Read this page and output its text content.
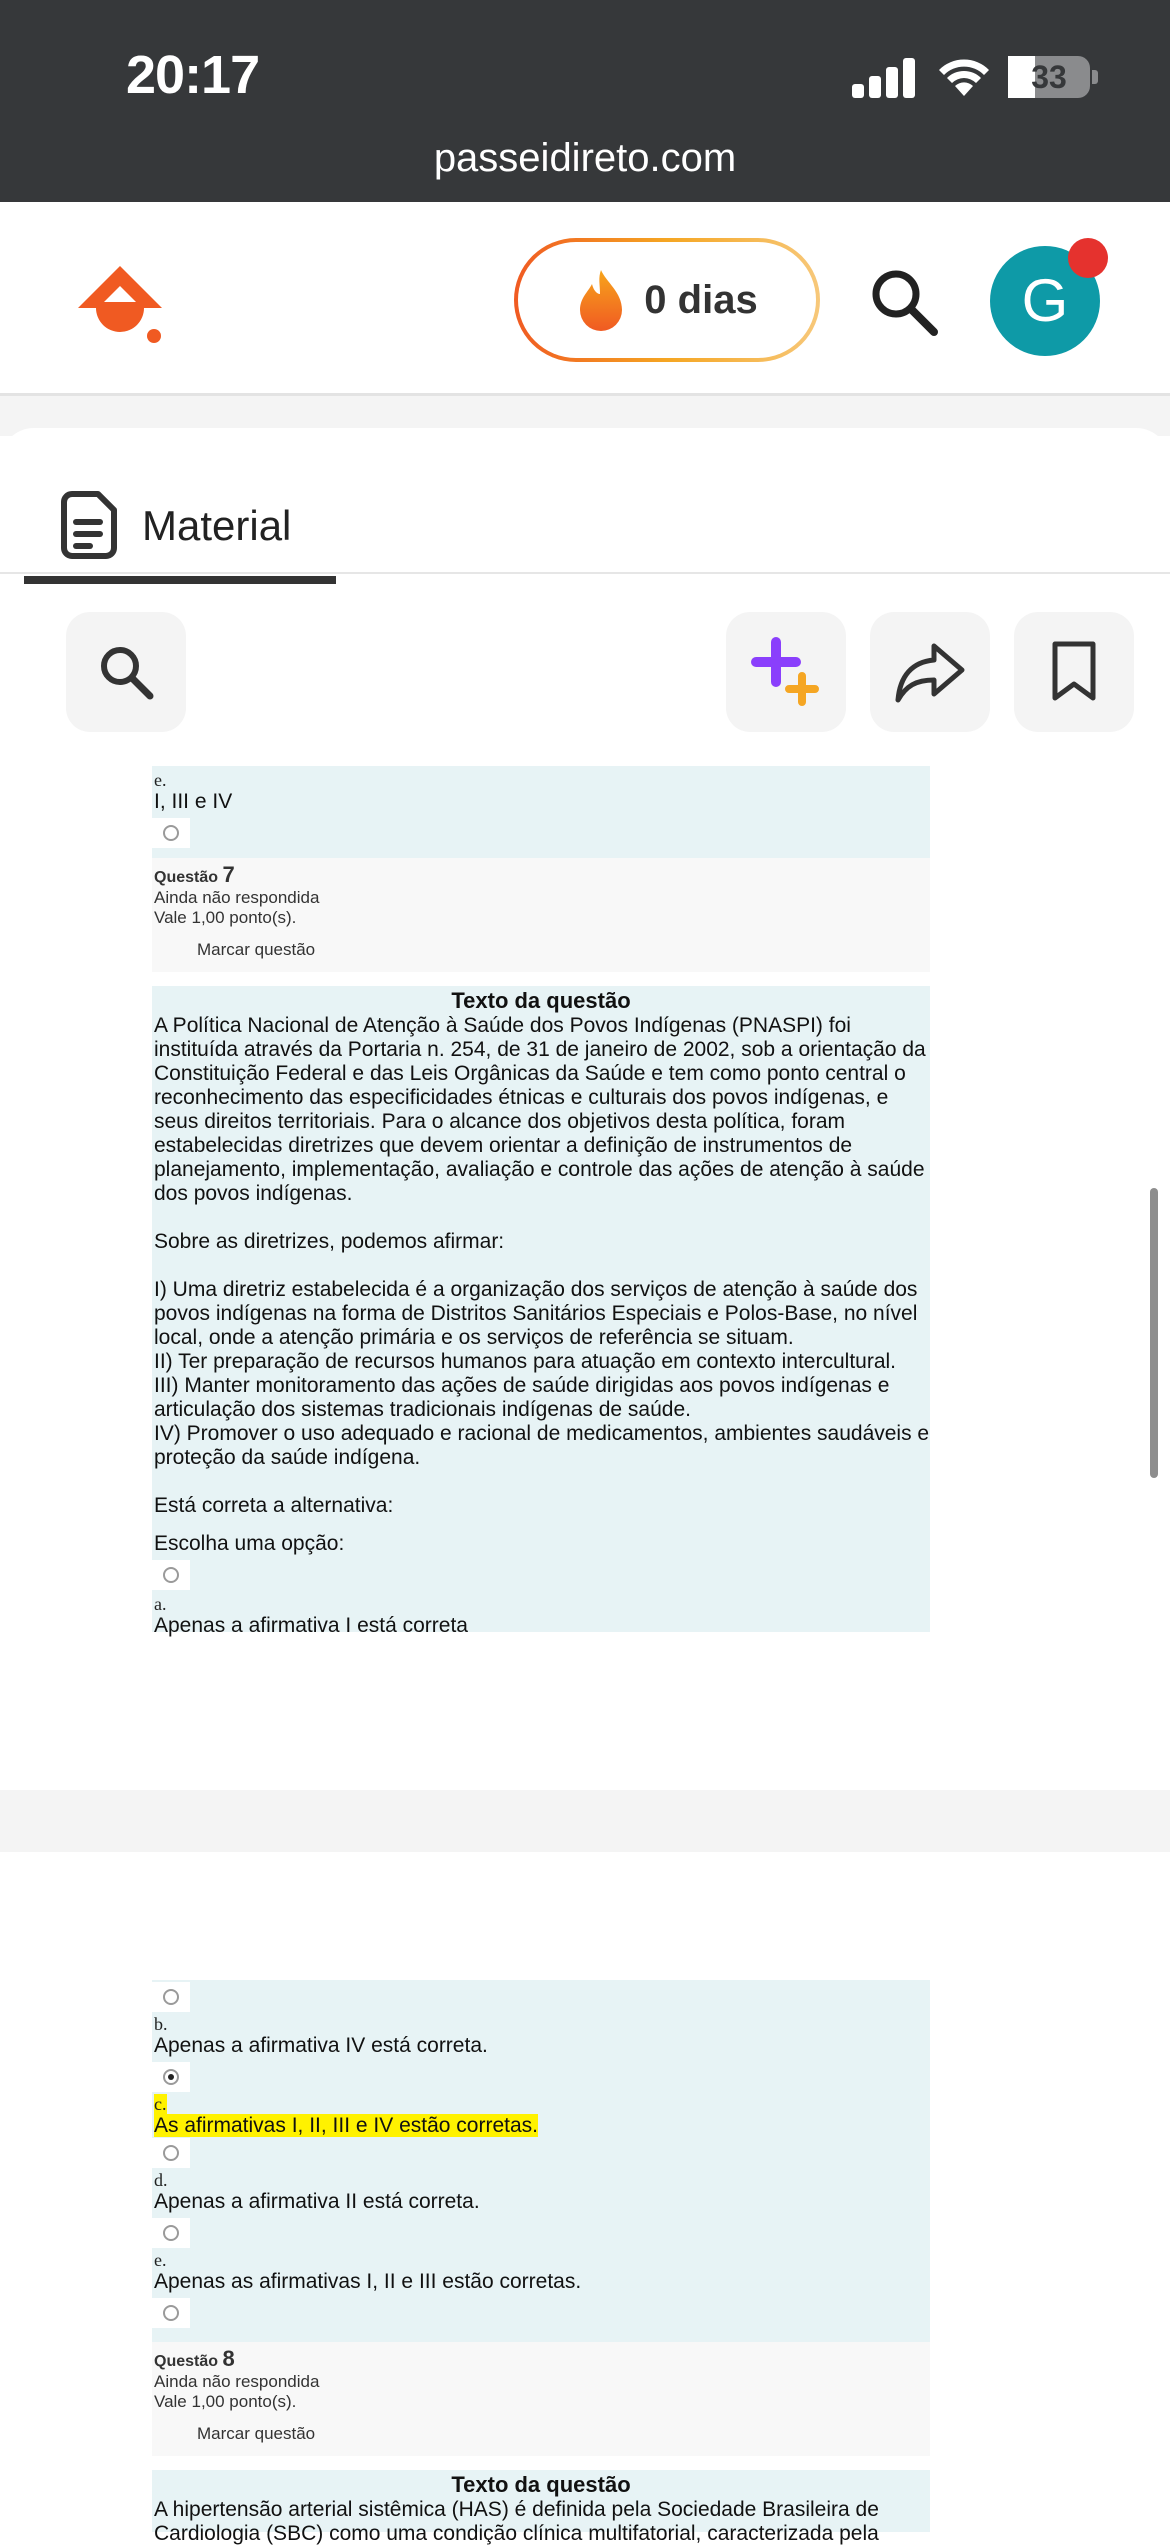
20:17	33
passeidireto.com
0 dias	G
Material
e.
I, III e IV
Questão 7
Ainda não respondida
Vale 1,00 ponto(s).
Marcar questão
Texto da questão
A Política Nacional de Atenção à Saúde dos Povos Indígenas (PNASPI) foi
instituída através da Portaria n. 254, de 31 de janeiro de 2002, sob a orientação da
Constituição Federal e das Leis Orgânicas da Saúde e tem como ponto central o
reconhecimento das especificidades étnicas e culturais dos povos indígenas, e
seus direitos territoriais. Para o alcance dos objetivos desta política, foram
estabelecidas diretrizes que devem orientar a definição de instrumentos de
planejamento, implementação, avaliação e controle das ações de atenção à saúde
dos povos indígenas.
Sobre as diretrizes, podemos afirmar:
I) Uma diretriz estabelecida é a organização dos serviços de atenção à saúde dos
povos indígenas na forma de Distritos Sanitários Especiais e Polos-Base, no nível
local, onde a atenção primária e os serviços de referência se situam.
II) Ter preparação de recursos humanos para atuação em contexto intercultural.
III) Manter monitoramento das ações de saúde dirigidas aos povos indígenas e
articulação dos sistemas tradicionais indígenas de saúde.
IV) Promover o uso adequado e racional de medicamentos, ambientes saudáveis e
proteção da saúde indígena.
Está correta a alternativa:
Escolha uma opção:
a.
Apenas a afirmativa I está correta
b.
Apenas a afirmativa IV está correta.
c.
As afirmativas I, II, III e IV estão corretas.
d.
Apenas a afirmativa II está correta.
e.
Apenas as afirmativas I, II e III estão corretas.
Questão 8
Ainda não respondida
Vale 1,00 ponto(s).
Marcar questão
Texto da questão
A hipertensão arterial sistêmica (HAS) é definida pela Sociedade Brasileira de
Cardiologia (SBC) como uma condição clínica multifatorial, caracterizada pela
